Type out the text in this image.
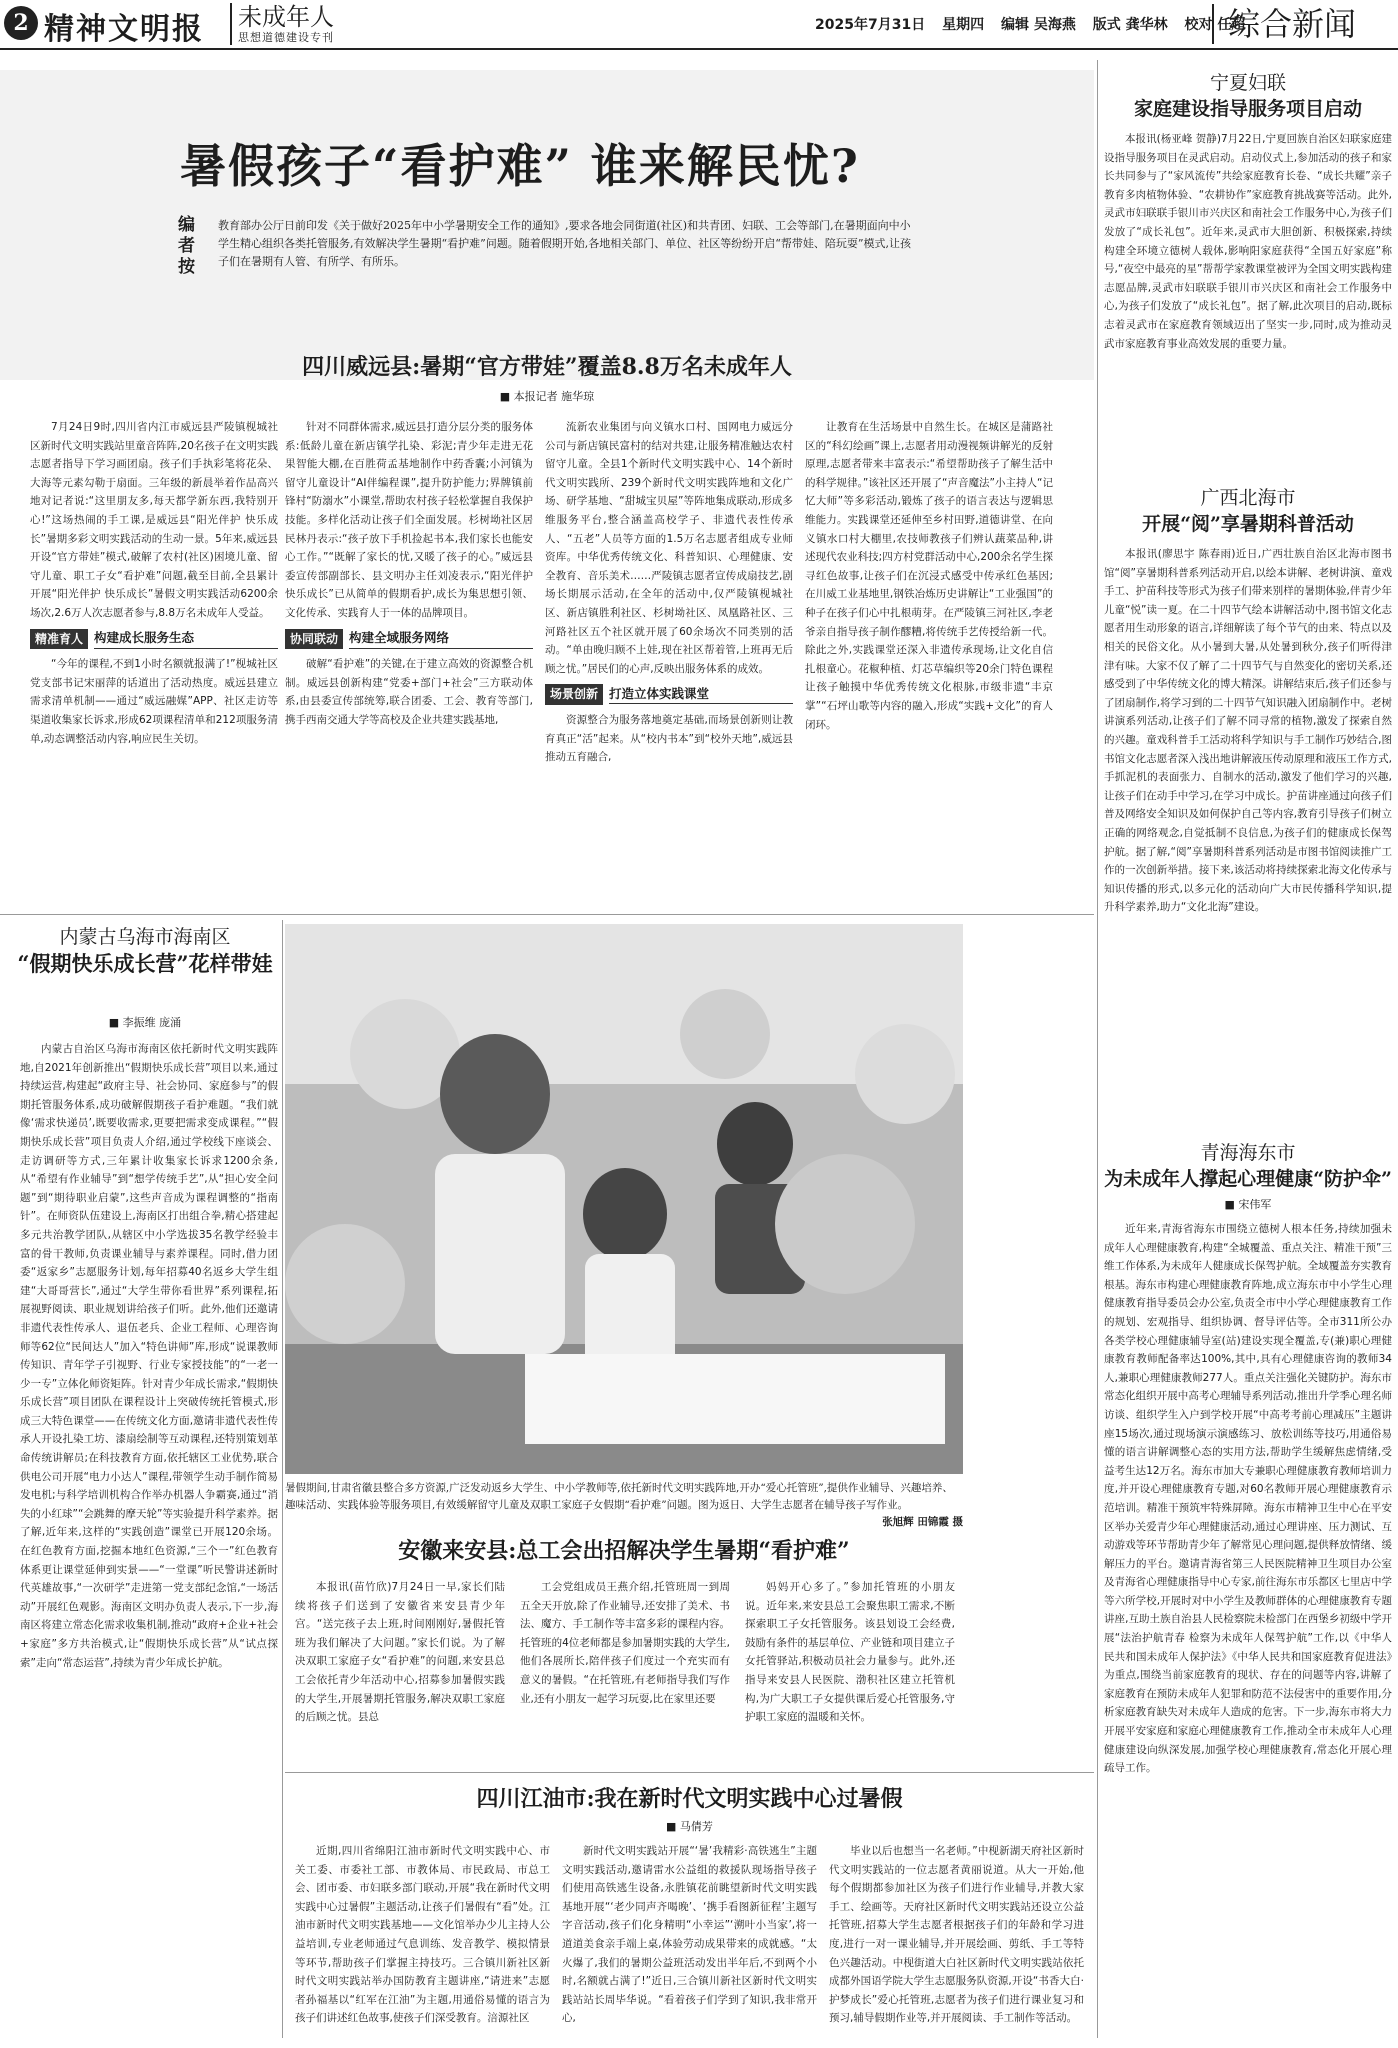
2 精神文明报 未成年人
思想道德建设专刊
2025年7月31日 星期四 编辑 吴海燕 版式 龚华林 校对 任超
综合新闻
暑假孩子“看护难” 谁来解民忧?
编者按
教育部办公厅日前印发《关于做好2025年中小学暑期安全工作的通知》,要求各地会同街道(社区)和共青团、妇联、工会等部门,在暑期面向中小学生精心组织各类托管服务,有效解决学生暑期“看护难”问题。随着假期开始,各地相关部门、单位、社区等纷纷开启“帮带娃、陪玩耍”模式,让孩子们在暑期有人管、有所学、有所乐。
四川威远县:暑期“官方带娃”覆盖8.8万名未成年人
■ 本报记者 施华琼

7月24日9时,四川省内江市威远县严陵镇枧城社区新时代文明实践站里童音阵阵,20名孩子在文明实践志愿者指导下学习画团扇。孩子们手执彩笔将花朵、大海等元素勾勒于扇面。三年级的新晨举着作品高兴地对记者说:“这里朋友多,每天都学新东西,我特别开心!”这场热闹的手工课,是威远县“阳光伴护 快乐成长”暑期多彩文明实践活动的生动一景。5年来,威远县开设“官方带娃”模式,破解了农村(社区)困境儿童、留守儿童、职工子女“看护难”问题,截至目前,全县累计开展“阳光伴护 快乐成长”暑假文明实践活动6200余场次,2.6万人次志愿者参与,8.8万名未成年人受益。

精准育人 构建成长服务生态

“今年的课程,不到1小时名额就报满了!”枧城社区党支部书记宋丽萍的话道出了活动热度。威远县建立需求清单机制——通过“威远融媒”APP、社区走访等渠道收集家长诉求,形成62项课程清单和212项服务清单,动态调整活动内容,响应民生关切。

针对不同群体需求,威远县打造分层分类的服务体系:低龄儿童在新店镇学扎染、彩泥;青少年走进无花果智能大棚,在百胜荷孟基地制作中药香囊;小河镇为留守儿童设计“AI伴编程课”,提升防护能力;界牌镇前锋村“防溺水”小课堂,帮助农村孩子轻松掌握自我保护技能。多样化活动让孩子们全面发展。杉树坳社区居民林丹表示:“孩子放下手机捡起书本,我们家长也能安心工作。”“既解了家长的忧,又暖了孩子的心。”威远县委宣传部副部长、县文明办主任刘凌表示,“阳光伴护 快乐成长”已从简单的假期看护,成长为集思想引领、文化传承、实践育人于一体的品牌项目。

协同联动 构建全域服务网络

破解“看护难”的关键,在于建立高效的资源整合机制。威远县创新构建“党委+部门+社会”三方联动体系,由县委宣传部统筹,联合团委、工会、教育等部门,携手西南交通大学等高校及企业共建实践基地,

流新农业集团与向义镇水口村、国网电力威远分公司与新店镇民富村的结对共建,让服务精准触达农村留守儿童。全县1个新时代文明实践中心、14个新时代文明实践所、239个新时代文明实践阵地和文化广场、研学基地、“甜城宝贝屋”等阵地集成联动,形成多维服务平台,整合涵盖高校学子、非遗代表性传承人、“五老”人员等方面的1.5万名志愿者组成专业师资库。中华优秀传统文化、科普知识、心理健康、安全教育、音乐美术……严陵镇志愿者宣传成扇技艺,剧场长期展示活动,在全年的活动中,仅严陵镇枧城社区、新店镇胜利社区、杉树坳社区、凤凰路社区、三河路社区五个社区就开展了60余场次不同类别的活动。“单由晚归顾不上娃,现在社区帮着管,上班再无后顾之忧。”居民们的心声,反映出服务体系的成效。

场景创新 打造立体实践课堂

资源整合为服务落地奠定基础,而场景创新则让教育真正“活”起来。从“校内书本”到“校外天地”,威远县推动五育融合,

让教育在生活场景中自然生长。在城区是蒲路社区的“科幻绘画”课上,志愿者用动漫视频讲解光的反射原理,志愿者带来丰富表示:“希望帮助孩子了解生活中的科学规律。”该社区还开展了“声音魔法”小主持人“记忆大师”等多彩活动,锻炼了孩子的语言表达与逻辑思维能力。实践课堂还延伸至乡村田野,道德讲堂、在向义镇水口村大棚里,农技师教孩子们辨认蔬菜品种,讲述现代农业科技;四方村党群活动中心,200余名学生探寻红色故事,让孩子们在沉浸式感受中传承红色基因;在川威工业基地里,钢铁冶炼历史讲解让“工业强国”的种子在孩子们心中扎根萌芽。在严陵镇三河社区,李老爷亲自指导孩子制作醪糟,将传统手艺传授给新一代。除此之外,实践课堂还深入非遗传承现场,让文化自信扎根童心。花椒种植、灯芯草编织等20余门特色课程让孩子触摸中华优秀传统文化根脉,市级非遗“丰京掌”“石坪山歌等内容的融入,形成“实践+文化”的育人闭环。

内蒙古乌海市海南区
“假期快乐成长营”花样带娃
■ 李振维 庞涌

内蒙古自治区乌海市海南区依托新时代文明实践阵地,自2021年创新推出“假期快乐成长营”项目以来,通过持续运营,构建起“政府主导、社会协同、家庭参与”的假期托管服务体系,成功破解假期孩子看护难题。“我们就像‘需求快递员’,既要收需求,更要把需求变成课程。”“假期快乐成长营”项目负责人介绍,通过学校线下座谈会、走访调研等方式,三年累计收集家长诉求1200余条,从“希望有作业辅导”到“想学传统手艺”,从“担心安全问题”到“期待职业启蒙”,这些声音成为课程调整的“指南针”。在师资队伍建设上,海南区打出组合拳,精心搭建起多元共治教学团队,从辖区中小学选拔35名教学经验丰富的骨干教师,负责课业辅导与素养课程。同时,借力团委“返家乡”志愿服务计划,每年招募40名返乡大学生组建“大哥哥营长”,通过“大学生带你看世界”系列课程,拓展视野阅读、职业规划讲给孩子们听。此外,他们还邀请非遗代表性传承人、退伍老兵、企业工程师、心理咨询师等62位“民间达人”加入“特色讲师”库,形成“说课教师传知识、青年学子引视野、行业专家授技能”的“一老一少一专”立体化师资矩阵。针对青少年成长需求,“假期快乐成长营”项目团队在课程设计上突破传统托管模式,形成三大特色课堂——在传统文化方面,邀请非遗代表性传承人开设扎染工坊、漆扇绘制等互动课程,还特别策划革命传统讲解员;在科技教育方面,依托辖区工业优势,联合供电公司开展“电力小达人”课程,带领学生动手制作简易发电机;与科学培训机构合作举办机器人争霸赛,通过“消失的小红球”“会跳舞的摩天轮”等实验提升科学素养。据了解,近年来,这样的“实践创造”课堂已开展120余场。在红色教育方面,挖掘本地红色资源,“三个一”红色教育体系更让课堂延伸到实景——“一堂课”听民警讲述新时代英雄故事,“一次研学”走进第一党支部纪念馆,“一场活动”开展红色观影。海南区文明办负责人表示,下一步,海南区将建立常态化需求收集机制,推动“政府+企业+社会+家庭”多方共治模式,让“假期快乐成长营”从“试点探索”走向“常态运营”,持续为青少年成长护航。

暑假期间,甘肃省徽县整合多方资源,广泛发动返乡大学生、中小学教师等,依托新时代文明实践阵地,开办“爱心托管班”,提供作业辅导、兴趣培养、趣味活动、实践体验等服务项目,有效缓解留守儿童及双职工家庭子女假期“看护难”问题。图为返日、大学生志愿者在辅导孩子写作业。
张旭辉 田锦霞 摄
安徽来安县:总工会出招解决学生暑期“看护难”

本报讯(苗竹欣)7月24日一早,家长们陆续将孩子们送到了安徽省来安县青少年宫。“送完孩子去上班,时间刚刚好,暑假托管班为我们解决了大问题。”家长们说。为了解决双职工家庭子女“看护难”的问题,来安县总工会依托青少年活动中心,招募参加暑假实践的大学生,开展暑期托管服务,解决双职工家庭的后顾之忧。县总

工会党组成员王燕介绍,托管班周一到周五全天开放,除了作业辅导,还安排了美术、书法、魔方、手工制作等丰富多彩的课程内容。托管班的4位老师都是参加暑期实践的大学生,他们各展所长,陪伴孩子们度过一个充实而有意义的暑假。“在托管班,有老师指导我们写作业,还有小朋友一起学习玩耍,比在家里还要

妈妈开心多了。”参加托管班的小朋友说。近年来,来安县总工会聚焦职工需求,不断探索职工子女托管服务。该县划设工会经费,鼓励有条件的基层单位、产业链和项目建立子女托管驿站,积极动员社会力量参与。此外,还指导来安县人民医院、渤积社区建立托管机构,为广大职工子女提供课后爱心托管服务,守护职工家庭的温暖和关怀。

四川江油市:我在新时代文明实践中心过暑假
■ 马倩芳

近期,四川省绵阳江油市新时代文明实践中心、市关工委、市委社工部、市教体局、市民政局、市总工会、团市委、市妇联多部门联动,开展“我在新时代文明实践中心过暑假”主题活动,让孩子们暑假有“看”处。江油市新时代文明实践基地——文化馆举办少儿主持人公益培训,专业老师通过气息训练、发音教学、模拟情景等环节,帮助孩子们掌握主持技巧。三合镇川新社区新时代文明实践站举办国防教育主题讲座,“请进来”志愿者孙福基以“红军在江油”为主题,用通俗易懂的语言为孩子们讲述红色故事,使孩子们深受教育。涪源社区

新时代文明实践站开展“‘暑’我精彩·高铁逃生”主题文明实践活动,邀请雷水公益组的救援队现场指导孩子们使用高铁逃生设备,永胜镇花前眺望新时代文明实践基地开展“‘老少同声齐喝晚’、‘携手看图新征程’主题写字音活动,孩子们化身精明“小幸运”‘溯叶小当家’,将一道道美食亲手端上桌,体验劳动成果带来的成就感。“太火爆了,我们的暑期公益班活动发出半年后,不到两个小时,名额就占满了!”近日,三合镇川新社区新时代文明实践站站长周毕华说。“看着孩子们学到了知识,我非常开心,

毕业以后也想当一名老师。”中枧新湖天府社区新时代文明实践站的一位志愿者黄丽说道。从大一开始,他每个假期都参加社区为孩子们进行作业辅导,并教大家手工、绘画等。天府社区新时代文明实践站还设立公益托管班,招募大学生志愿者根据孩子们的年龄和学习进度,进行一对一课业辅导,并开展绘画、剪纸、手工等特色兴趣活动。中枧街道大白社区新时代文明实践站依托成都外国语学院大学生志愿服务队资源,开设“书香大白·护梦成长”爱心托管班,志愿者为孩子们进行课业复习和预习,辅导假期作业等,并开展阅读、手工制作等活动。

宁夏妇联
家庭建设指导服务项目启动

本报讯(杨亚峰 贺静)7月22日,宁夏回族自治区妇联家庭建设指导服务项目在灵武启动。启动仪式上,参加活动的孩子和家长共同参与了“家风流传”共绘家庭教育长卷、“成长共耀”亲子教育多肉植物体验、“农耕协作”家庭教育挑战赛等活动。此外,灵武市妇联联手银川市兴庆区和南社会工作服务中心,为孩子们发放了“成长礼包”。近年来,灵武市大胆创新、积极探索,持续构建全环境立德树人载体,影响阳家庭获得“全国五好家庭”称号,“夜空中最亮的星”帮帮学家教课堂被评为全国文明实践构建志愿品牌,灵武市妇联联手银川市兴庆区和南社会工作服务中心,为孩子们发放了“成长礼包”。据了解,此次项目的启动,既标志着灵武市在家庭教育领域迈出了坚实一步,同时,成为推动灵武市家庭教育事业高效发展的重要力量。

广西北海市
开展“阅”享暑期科普活动

本报讯(廖思宇 陈春雨)近日,广西壮族自治区北海市图书馆“阅”享暑期科普系列活动开启,以绘本讲解、老树讲演、童戏手工、护苗科技等形式为孩子们带来别样的暑期体验,伴青少年儿童“悦”读一夏。在二十四节气绘本讲解活动中,图书馆文化志愿者用生动形象的语言,详细解读了每个节气的由来、特点以及相关的民俗文化。从小暑到大暑,从处暑到秋分,孩子们听得津津有味。大家不仅了解了二十四节气与自然变化的密切关系,还感受到了中华传统文化的博大精深。讲解结束后,孩子们还参与了团扇制作,将学习到的二十四节气知识融入团扇制作中。老树讲演系列活动,让孩子们了解不同寻常的植物,激发了探索自然的兴趣。童戏科普手工活动将科学知识与手工制作巧妙结合,图书馆文化志愿者深入浅出地讲解液压传动原理和液压工作方式,手抓泥机的表面张力、自制水的活动,激发了他们学习的兴趣,让孩子们在动手中学习,在学习中成长。护苗讲座通过向孩子们普及网络安全知识及如何保护自己等内容,教育引导孩子们树立正确的网络观念,自觉抵制不良信息,为孩子们的健康成长保驾护航。据了解,“阅”享暑期科普系列活动是市图书馆阅读推广工作的一次创新举措。接下来,该活动将持续探索北海文化传承与知识传播的形式,以多元化的活动向广大市民传播科学知识,提升科学素养,助力“文化北海”建设。

青海海东市
为未成年人撑起心理健康“防护伞”
■ 宋伟军

近年来,青海省海东市围绕立德树人根本任务,持续加强未成年人心理健康教育,构建“全城覆盖、重点关注、精准干预”三维工作体系,为未成年人健康成长保驾护航。全域覆盖夯实教育根基。海东市构建心理健康教育阵地,成立海东市中小学生心理健康教育指导委员会办公室,负责全市中小学心理健康教育工作的规划、宏观指导、组织协调、督导评估等。全市311所公办各类学校心理健康辅导室(站)建设实现全覆盖,专(兼)职心理健康教育教师配备率达100%,其中,具有心理健康咨询的教师34人,兼职心理健康教师277人。重点关注强化关键防护。海东市常态化组织开展中高考心理辅导系列活动,推出升学季心理名师访谈、组织学生入户到学校开展“中高考考前心理减压”主题讲座15场次,通过现场演示演感练习、放松训练等技巧,用通俗易懂的语言讲解调整心态的实用方法,帮助学生缓解焦虑情绪,受益考生达12万名。海东市加大专兼职心理健康教育教师培训力度,并开设心理健康教育专题,对60名教师开展心理健康教育示范培训。精准干预筑牢特殊屏障。海东市精神卫生中心在平安区举办关爱青少年心理健康活动,通过心理讲座、压力测试、互动游戏等环节帮助青少年了解常见心理问题,提供释放情绪、缓解压力的平台。邀请青海省第三人民医院精神卫生项目办公室及青海省心理健康指导中心专家,前往海东市乐都区七里店中学等六所学校,开展时对中小学生及教师群体的心理健康教育专题讲座,互助土族自治县人民检察院未检部门在西堡乡初级中学开展“法治护航青春 检察为未成年人保驾护航”工作,以《中华人民共和国未成年人保护法》《中华人民共和国家庭教育促进法》为重点,围绕当前家庭教育的现状、存在的问题等内容,讲解了家庭教育在预防未成年人犯罪和防范不法侵害中的重要作用,分析家庭教育缺失对未成年人造成的危害。下一步,海东市将大力开展平安家庭和家庭心理健康教育工作,推动全市未成年人心理健康建设向纵深发展,加强学校心理健康教育,常态化开展心理疏导工作。
